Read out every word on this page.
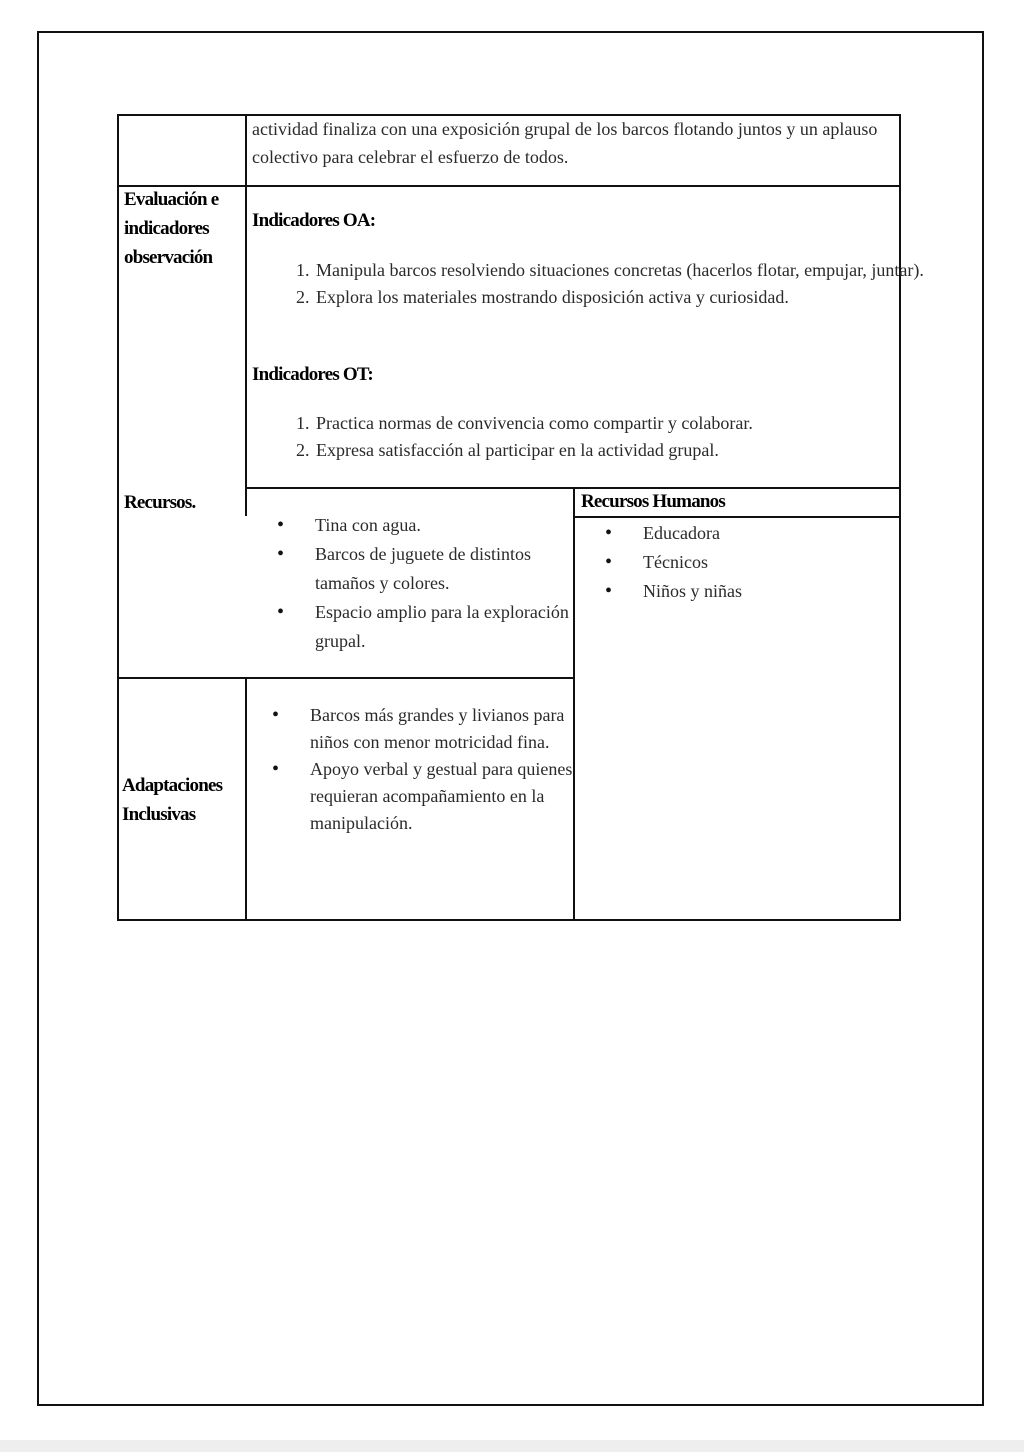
actividad finaliza con una exposición grupal de los barcos flotando juntos y un aplauso colectivo para celebrar el esfuerzo de todos.
Evaluación e indicadores observación
Indicadores OA:
1. Manipula barcos resolviendo situaciones concretas (hacerlos flotar, empujar, juntar).
2. Explora los materiales mostrando disposición activa y curiosidad.
Indicadores OT:
1. Practica normas de convivencia como compartir y colaborar.
2. Expresa satisfacción al participar en la actividad grupal.
Recursos.
• Tina con agua.
• Barcos de juguete de distintos tamaños y colores.
• Espacio amplio para la exploración grupal.
Recursos Humanos
• Educadora
• Técnicos
• Niños y niñas
Adaptaciones Inclusivas
• Barcos más grandes y livianos para niños con menor motricidad fina.
• Apoyo verbal y gestual para quienes requieran acompañamiento en la manipulación.
